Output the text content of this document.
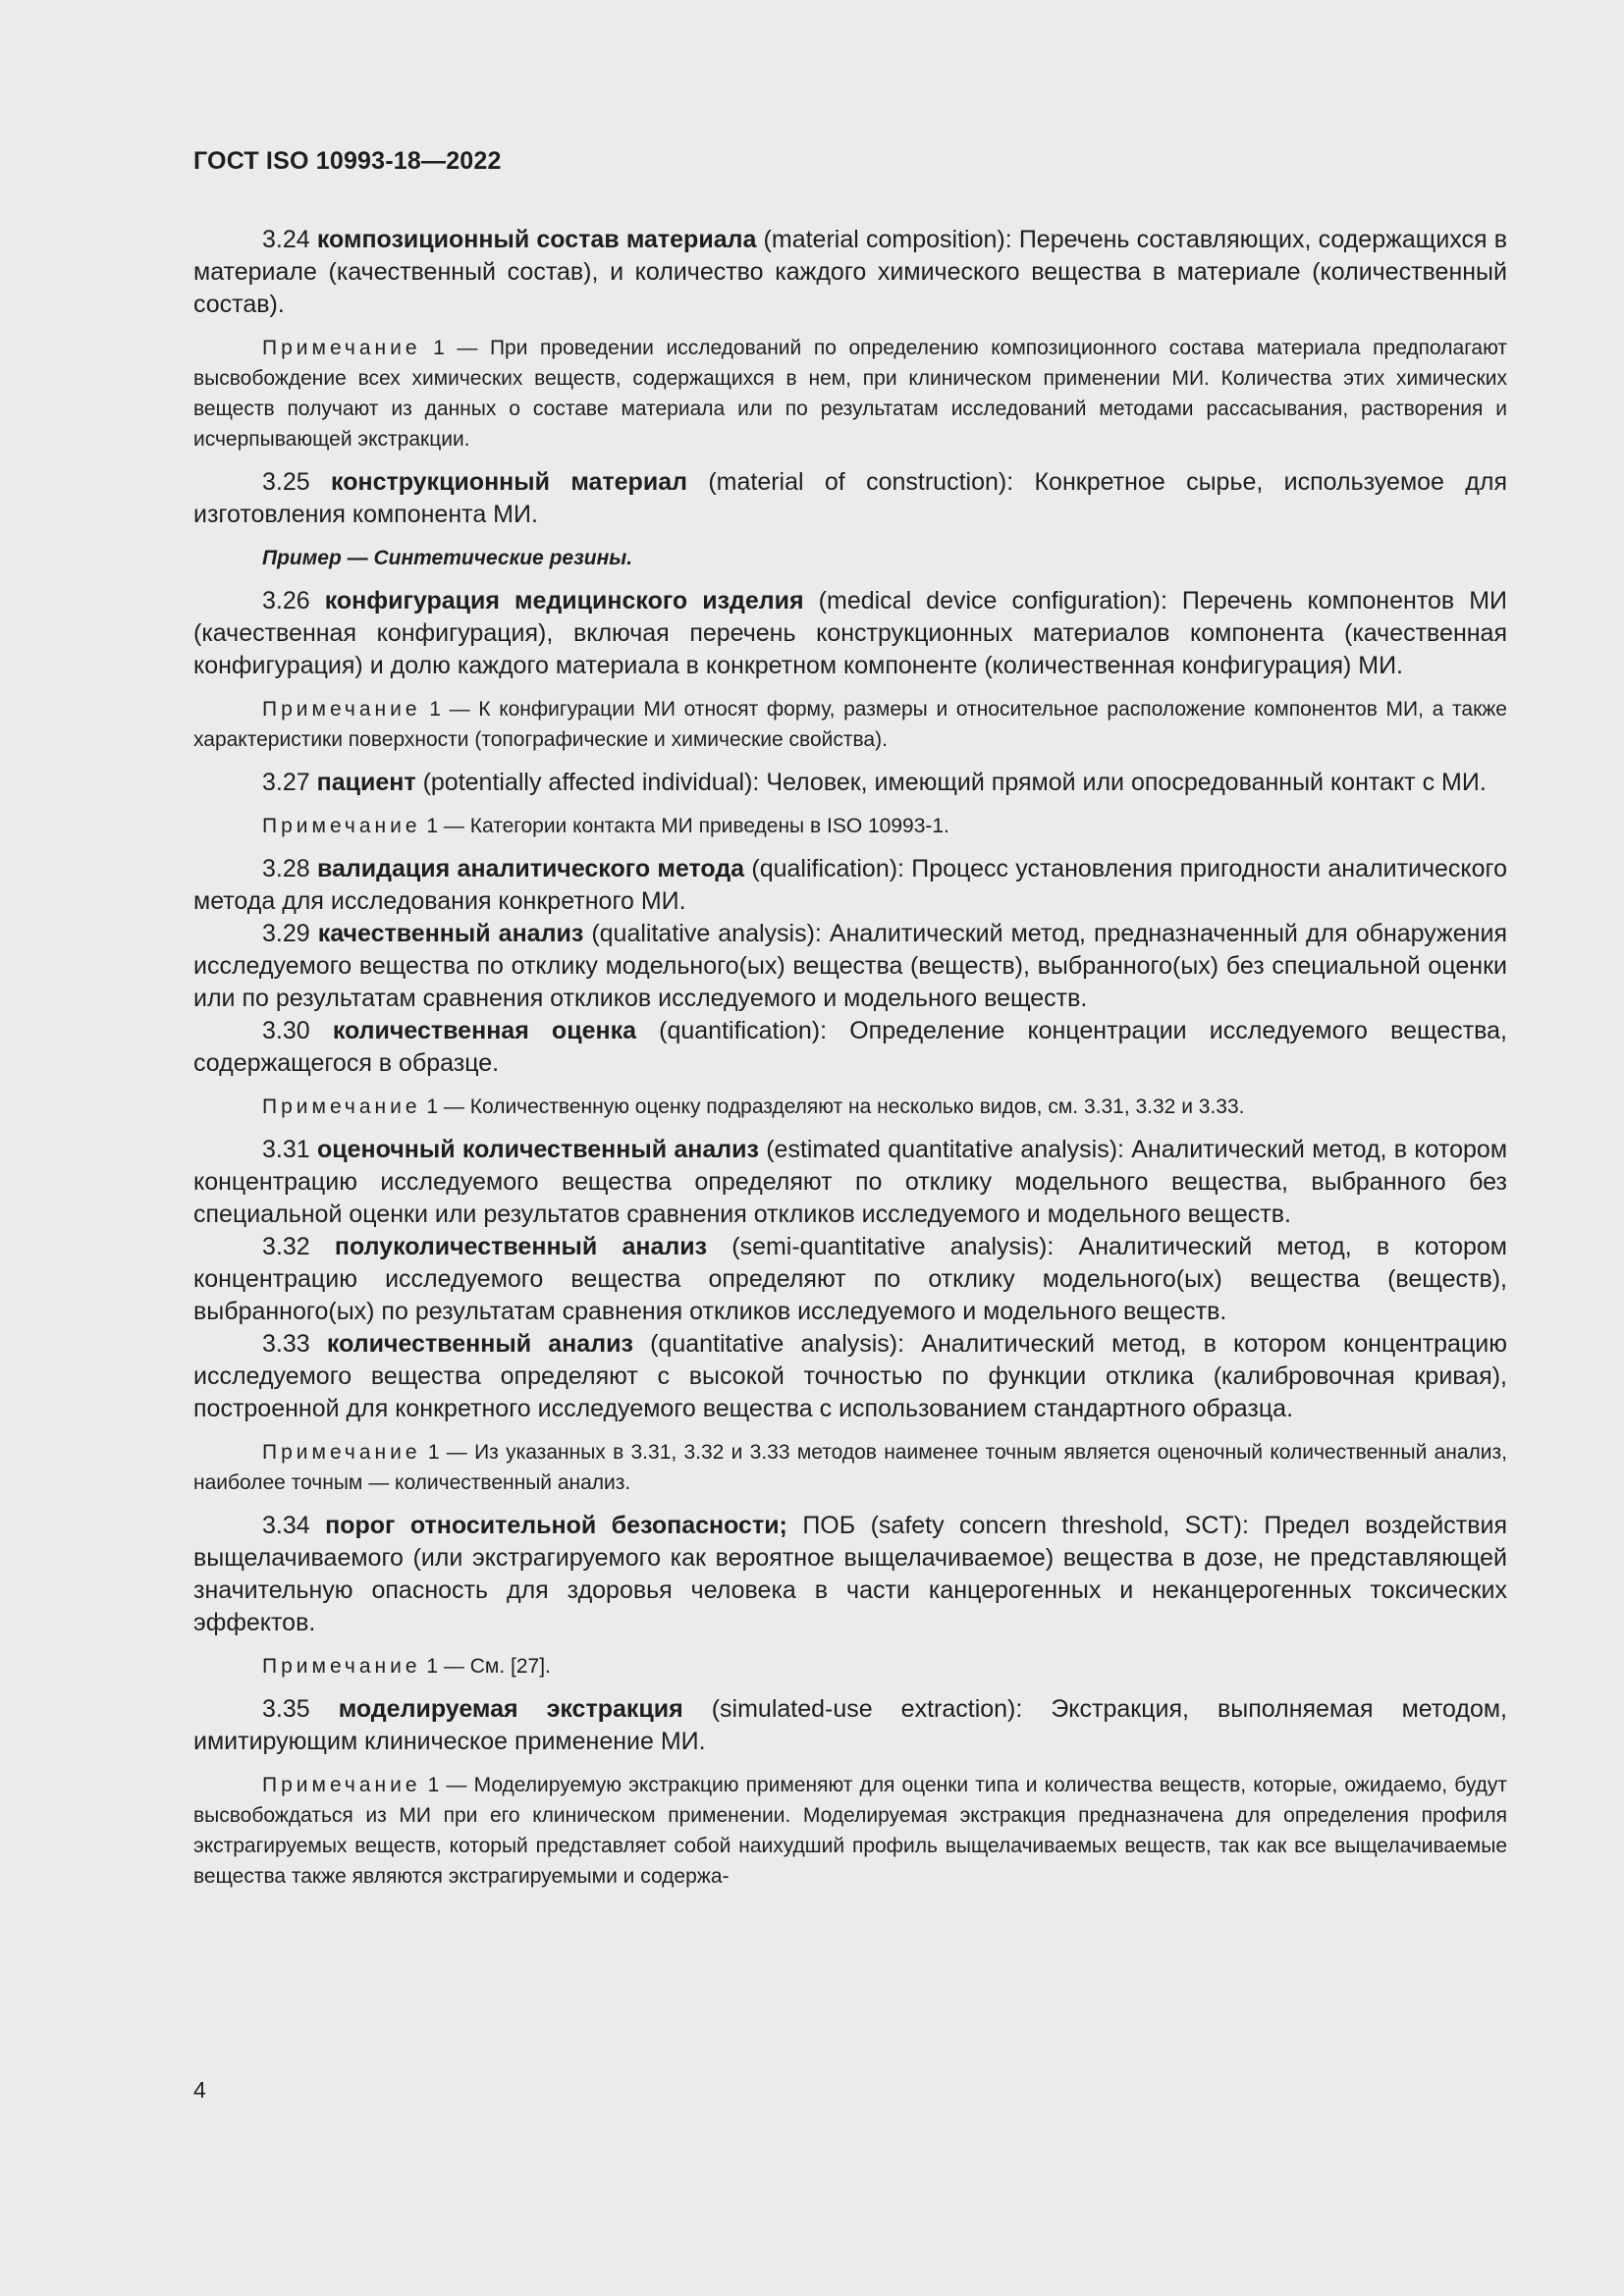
ГОСТ ISO 10993-18—2022

3.24 композиционный состав материала (material composition): Перечень составляющих, содержащихся в материале (качественный состав), и количество каждого химического вещества в материале (количественный состав).

Примечание 1 — При проведении исследований по определению композиционного состава материала предполагают высвобождение всех химических веществ, содержащихся в нем, при клиническом применении МИ. Количества этих химических веществ получают из данных о составе материала или по результатам исследований методами рассасывания, растворения и исчерпывающей экстракции.

3.25 конструкционный материал (material of construction): Конкретное сырье, используемое для изготовления компонента МИ.

Пример — Синтетические резины.

3.26 конфигурация медицинского изделия (medical device configuration): Перечень компонентов МИ (качественная конфигурация), включая перечень конструкционных материалов компонента (качественная конфигурация) и долю каждого материала в конкретном компоненте (количественная конфигурация) МИ.

Примечание 1 — К конфигурации МИ относят форму, размеры и относительное расположение компонентов МИ, а также характеристики поверхности (топографические и химические свойства).

3.27 пациент (potentially affected individual): Человек, имеющий прямой или опосредованный контакт с МИ.

Примечание 1 — Категории контакта МИ приведены в ISO 10993-1.

3.28 валидация аналитического метода (qualification): Процесс установления пригодности аналитического метода для исследования конкретного МИ.

3.29 качественный анализ (qualitative analysis): Аналитический метод, предназначенный для обнаружения исследуемого вещества по отклику модельного(ых) вещества (веществ), выбранного(ых) без специальной оценки или по результатам сравнения откликов исследуемого и модельного веществ.

3.30 количественная оценка (quantification): Определение концентрации исследуемого вещества, содержащегося в образце.

Примечание 1 — Количественную оценку подразделяют на несколько видов, см. 3.31, 3.32 и 3.33.

3.31 оценочный количественный анализ (estimated quantitative analysis): Аналитический метод, в котором концентрацию исследуемого вещества определяют по отклику модельного вещества, выбранного без специальной оценки или результатов сравнения откликов исследуемого и модельного веществ.

3.32 полуколичественный анализ (semi-quantitative analysis): Аналитический метод, в котором концентрацию исследуемого вещества определяют по отклику модельного(ых) вещества (веществ), выбранного(ых) по результатам сравнения откликов исследуемого и модельного веществ.

3.33 количественный анализ (quantitative analysis): Аналитический метод, в котором концентрацию исследуемого вещества определяют с высокой точностью по функции отклика (калибровочная кривая), построенной для конкретного исследуемого вещества с использованием стандартного образца.

Примечание 1 — Из указанных в 3.31, 3.32 и 3.33 методов наименее точным является оценочный количественный анализ, наиболее точным — количественный анализ.

3.34 порог относительной безопасности; ПОБ (safety concern threshold, SCT): Предел воздействия выщелачиваемого (или экстрагируемого как вероятное выщелачиваемое) вещества в дозе, не представляющей значительную опасность для здоровья человека в части канцерогенных и неканцерогенных токсических эффектов.

Примечание 1 — См. [27].

3.35 моделируемая экстракция (simulated-use extraction): Экстракция, выполняемая методом, имитирующим клиническое применение МИ.

Примечание 1 — Моделируемую экстракцию применяют для оценки типа и количества веществ, которые, ожидаемо, будут высвобождаться из МИ при его клиническом применении. Моделируемая экстракция предназначена для определения профиля экстрагируемых веществ, который представляет собой наихудший профиль выщелачиваемых веществ, так как все выщелачиваемые вещества также являются экстрагируемыми и содержа-

4
